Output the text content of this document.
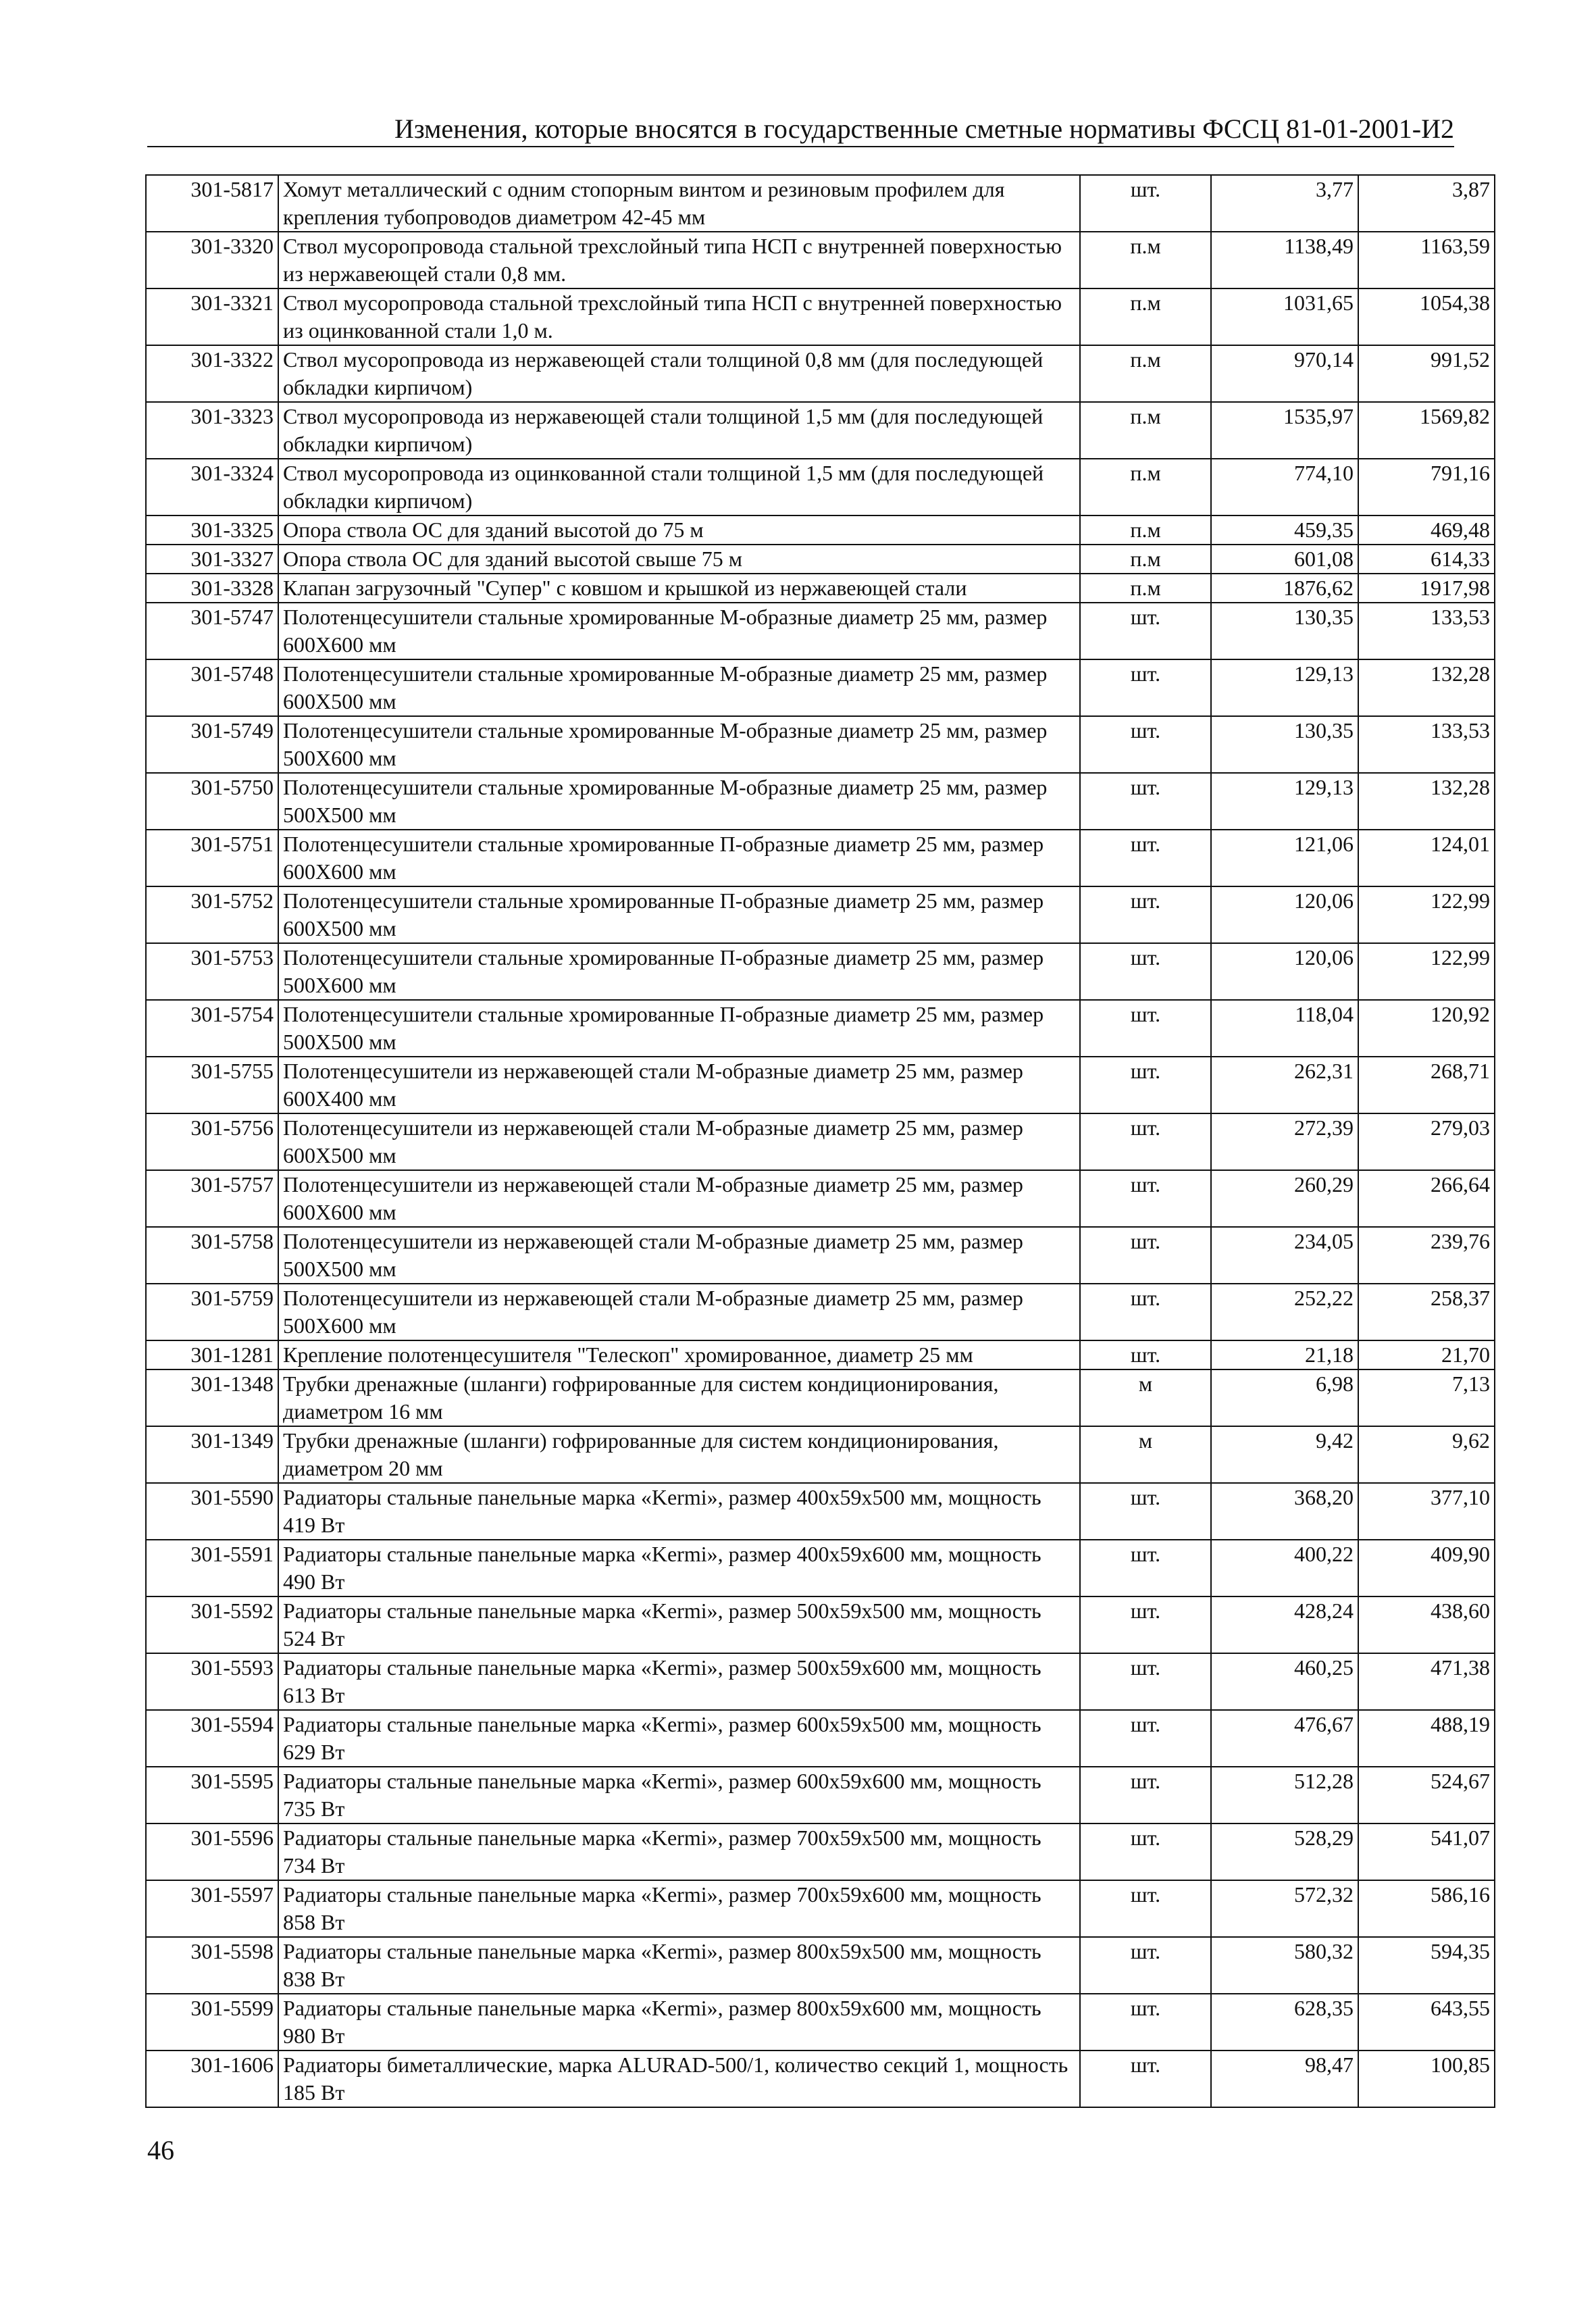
Изменения, которые вносятся в государственные сметные нормативы ФССЦ 81-01-2001-И2
301-5817	Хомут металлический с одним стопорным винтом и резиновым профилем для крепления тубопроводов диаметром 42-45 мм	шт.	3,77	3,87
301-3320	Ствол мусоропровода стальной трехслойный типа НСП с внутренней поверхностью из нержавеющей стали 0,8 мм.	п.м	1138,49	1163,59
301-3321	Ствол мусоропровода стальной трехслойный типа НСП с внутренней поверхностью из оцинкованной стали 1,0 м.	п.м	1031,65	1054,38
301-3322	Ствол мусоропровода из нержавеющей стали толщиной 0,8 мм (для последующей обкладки кирпичом)	п.м	970,14	991,52
301-3323	Ствол мусоропровода из нержавеющей стали толщиной 1,5 мм (для последующей обкладки кирпичом)	п.м	1535,97	1569,82
301-3324	Ствол мусоропровода из оцинкованной стали толщиной 1,5 мм (для последующей обкладки кирпичом)	п.м	774,10	791,16
301-3325	Опора ствола ОС для зданий высотой до 75 м	п.м	459,35	469,48
301-3327	Опора ствола ОС для зданий высотой свыше 75 м	п.м	601,08	614,33
301-3328	Клапан загрузочный "Супер" с ковшом и крышкой из нержавеющей стали	п.м	1876,62	1917,98
301-5747	Полотенцесушители стальные хромированные М-образные диаметр 25 мм, размер 600Х600 мм	шт.	130,35	133,53
301-5748	Полотенцесушители стальные хромированные М-образные диаметр 25 мм, размер 600Х500 мм	шт.	129,13	132,28
301-5749	Полотенцесушители стальные хромированные М-образные диаметр 25 мм, размер 500Х600 мм	шт.	130,35	133,53
301-5750	Полотенцесушители стальные хромированные М-образные диаметр 25 мм, размер 500Х500 мм	шт.	129,13	132,28
301-5751	Полотенцесушители стальные хромированные П-образные диаметр 25 мм, размер 600Х600 мм	шт.	121,06	124,01
301-5752	Полотенцесушители стальные хромированные П-образные диаметр 25 мм, размер 600Х500 мм	шт.	120,06	122,99
301-5753	Полотенцесушители стальные хромированные П-образные диаметр 25 мм, размер 500Х600 мм	шт.	120,06	122,99
301-5754	Полотенцесушители стальные хромированные П-образные диаметр 25 мм, размер 500Х500 мм	шт.	118,04	120,92
301-5755	Полотенцесушители из нержавеющей стали М-образные диаметр 25 мм, размер 600Х400 мм	шт.	262,31	268,71
301-5756	Полотенцесушители из нержавеющей стали М-образные диаметр 25 мм, размер 600Х500 мм	шт.	272,39	279,03
301-5757	Полотенцесушители из нержавеющей стали М-образные диаметр 25 мм, размер 600Х600 мм	шт.	260,29	266,64
301-5758	Полотенцесушители из нержавеющей стали М-образные диаметр 25 мм, размер 500Х500 мм	шт.	234,05	239,76
301-5759	Полотенцесушители из нержавеющей стали М-образные диаметр 25 мм, размер 500Х600 мм	шт.	252,22	258,37
301-1281	Крепление полотенцесушителя "Телескоп" хромированное, диаметр 25 мм	шт.	21,18	21,70
301-1348	Трубки дренажные (шланги) гофрированные для систем кондиционирования, диаметром 16 мм	м	6,98	7,13
301-1349	Трубки дренажные (шланги) гофрированные для систем кондиционирования, диаметром 20 мм	м	9,42	9,62
301-5590	Радиаторы стальные панельные марка «Kermi», размер 400x59x500 мм, мощность 419 Вт	шт.	368,20	377,10
301-5591	Радиаторы стальные панельные марка «Kermi», размер 400x59x600 мм, мощность 490 Вт	шт.	400,22	409,90
301-5592	Радиаторы стальные панельные марка «Kermi», размер 500x59x500 мм, мощность 524 Вт	шт.	428,24	438,60
301-5593	Радиаторы стальные панельные марка «Kermi», размер 500x59x600 мм, мощность 613 Вт	шт.	460,25	471,38
301-5594	Радиаторы стальные панельные марка «Kermi», размер 600x59x500 мм, мощность 629 Вт	шт.	476,67	488,19
301-5595	Радиаторы стальные панельные марка «Kermi», размер 600x59x600 мм, мощность 735 Вт	шт.	512,28	524,67
301-5596	Радиаторы стальные панельные марка «Kermi», размер 700x59x500 мм, мощность 734 Вт	шт.	528,29	541,07
301-5597	Радиаторы стальные панельные марка «Kermi», размер 700x59x600 мм, мощность 858 Вт	шт.	572,32	586,16
301-5598	Радиаторы стальные панельные марка «Kermi», размер 800x59x500 мм, мощность 838 Вт	шт.	580,32	594,35
301-5599	Радиаторы стальные панельные марка «Kermi», размер 800x59x600 мм, мощность 980 Вт	шт.	628,35	643,55
301-1606	Радиаторы биметаллические, марка ALURAD-500/1, количество секций 1, мощность 185 Вт	шт.	98,47	100,85
46
